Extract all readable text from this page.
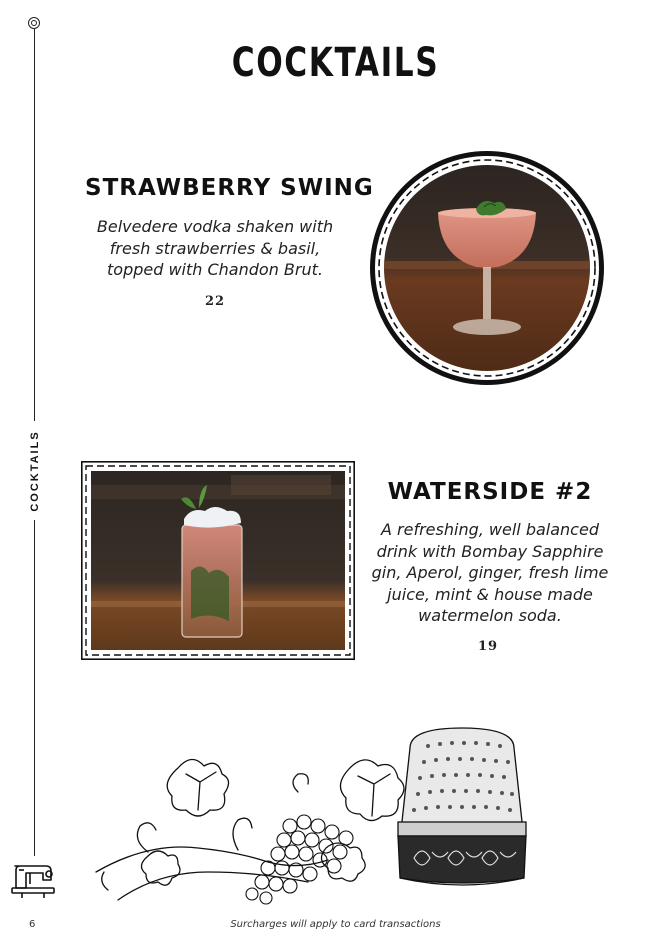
COCKTAILS
COCKTAILS
STRAWBERRY SWING
Belvedere vodka shaken with fresh strawberries & basil, topped with Chandon Brut.
22
WATERSIDE #2
A refreshing, well balanced drink with Bombay Sapphire gin, Aperol, ginger, fresh lime juice, mint & house made watermelon soda.
19
6	Surcharges will apply to card transactions
